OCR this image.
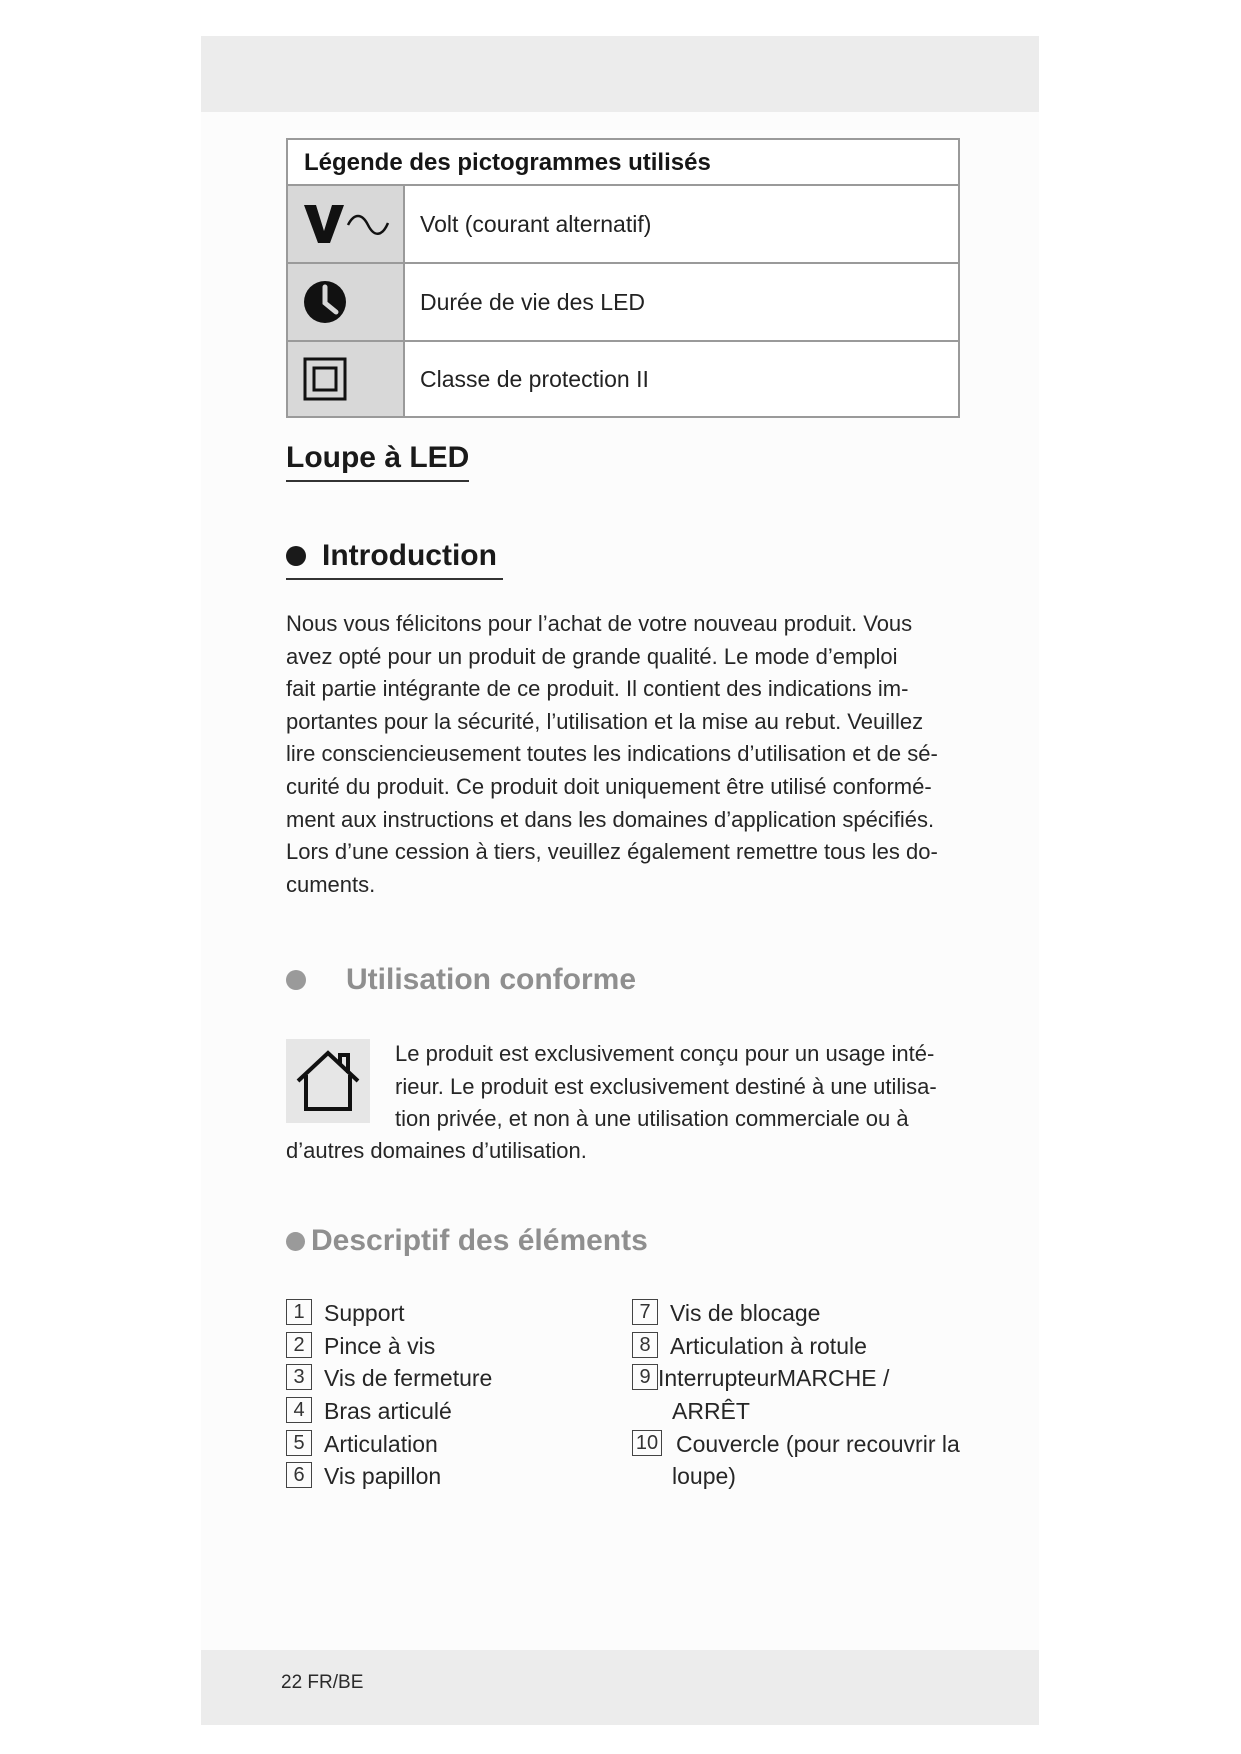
Légende des pictogrammes utilisés
Volt (courant alternatif)
Durée de vie des LED
Classe de protection II
Loupe à LED
Introduction
Nous vous félicitons pour l’achat de votre nouveau produit. Vous
avez opté pour un produit de grande qualité. Le mode d’emploi
fait partie intégrante de ce produit. Il contient des indications im-
portantes pour la sécurité, l’utilisation et la mise au rebut. Veuillez
lire consciencieusement toutes les indications d’utilisation et de sé-
curité du produit. Ce produit doit uniquement être utilisé conformé-
ment aux instructions et dans les domaines d’application spécifiés.
Lors d’une cession à tiers, veuillez également remettre tous les do-
cuments.
Utilisation conforme
Le produit est exclusivement conçu pour un usage inté-
rieur. Le produit est exclusivement destiné à une utilisa-
tion privée, et non à une utilisation commerciale ou à
d’autres domaines d’utilisation.
Descriptif des éléments
1 Support
2 Pince à vis
3 Vis de fermeture
4 Bras articulé
5 Articulation
6 Vis papillon
7 Vis de blocage
8 Articulation à rotule
9 InterrupteurMARCHE /
ARRÊT
10 Couvercle (pour recouvrir la
loupe)
22 FR/BE
